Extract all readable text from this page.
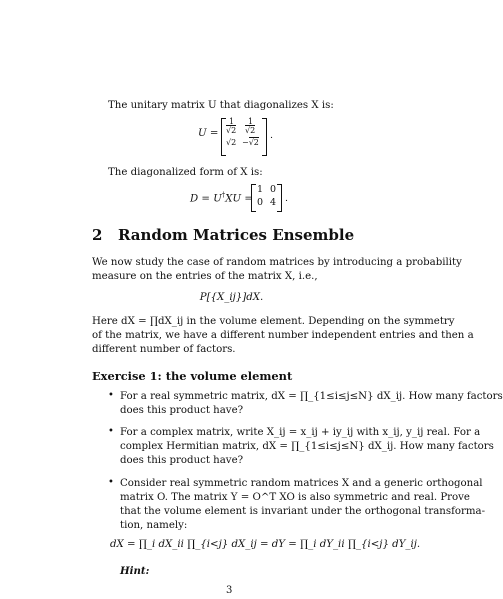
The unitary matrix U that diagonalizes X is:
U =
1
√2
1
√2
√2 −√2
.
The diagonalized form of X is:
D = U†XU =
1 0
0 4 .
2 Random Matrices Ensemble
We now study the case of random matrices by introducing a probability
measure on the entries of the matrix X, i.e.,
P[{X_ij}]dX.
Here dX = ∏dX_ij in the volume element. Depending on the symmetry
of the matrix, we have a different number independent entries and then a
different number of factors.
Exercise 1: the volume element
• For a real symmetric matrix, dX = ∏_{1≤i≤j≤N} dX_ij. How many factors
does this product have?
• For a complex matrix, write X_ij = x_ij + iy_ij with x_ij, y_ij real. For a
complex Hermitian matrix, dX = ∏_{1≤i≤j≤N} dX_ij. How many factors
does this product have?
• Consider real symmetric random matrices X and a generic orthogonal
matrix O. The matrix Y = O^T XO is also symmetric and real. Prove
that the volume element is invariant under the orthogonal transforma-
tion, namely:
dX = ∏_i dX_ii ∏_{i<j} dX_ij = dY = ∏_i dY_ii ∏_{i<j} dY_ij.
Hint:
3
